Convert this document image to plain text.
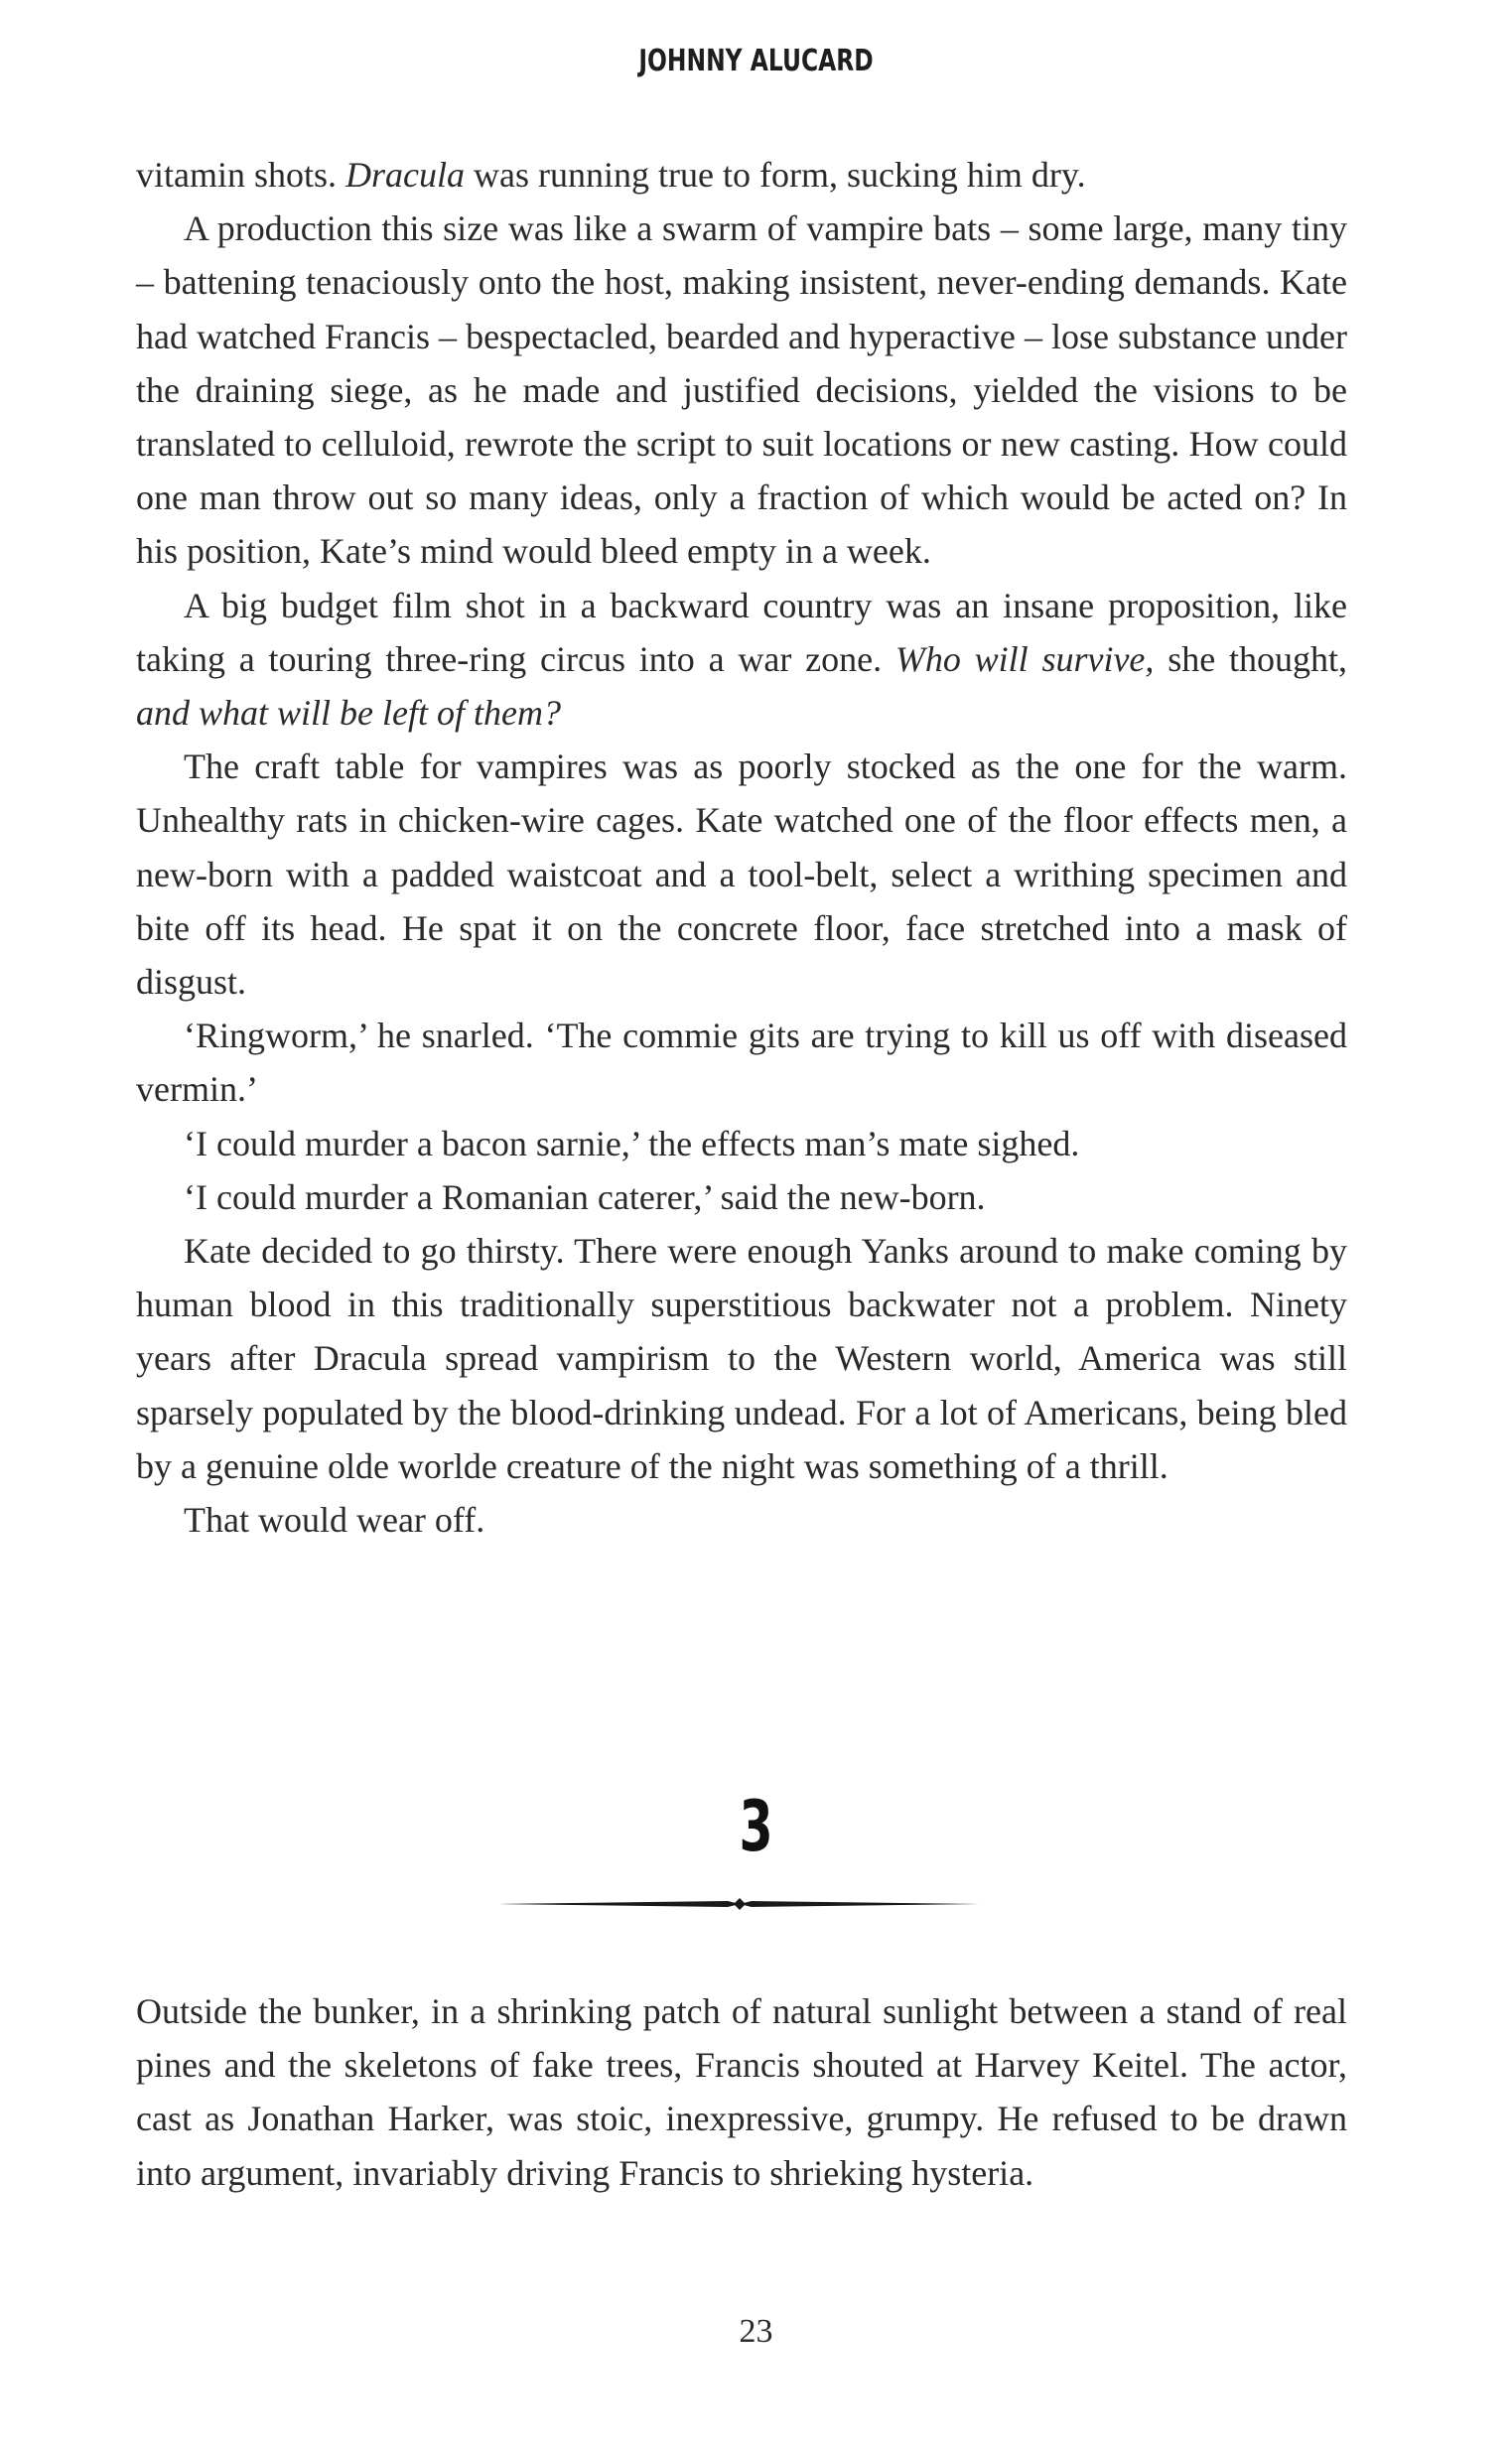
JOHNNY ALUCARD

vitamin shots. Dracula was running true to form, sucking him dry.

A production this size was like a swarm of vampire bats – some large, many tiny – battening tenaciously onto the host, making insistent, never-ending demands. Kate had watched Francis – bespectacled, bearded and hyperactive – lose substance under the draining siege, as he made and justified decisions, yielded the visions to be translated to celluloid, rewrote the script to suit locations or new casting. How could one man throw out so many ideas, only a fraction of which would be acted on? In his position, Kate’s mind would bleed empty in a week.

A big budget film shot in a backward country was an insane proposition, like taking a touring three-ring circus into a war zone. Who will survive, she thought, and what will be left of them?

The craft table for vampires was as poorly stocked as the one for the warm. Unhealthy rats in chicken-wire cages. Kate watched one of the floor effects men, a new-born with a padded waistcoat and a tool-belt, select a writhing specimen and bite off its head. He spat it on the concrete floor, face stretched into a mask of disgust.

‘Ringworm,’ he snarled. ‘The commie gits are trying to kill us off with diseased vermin.’

‘I could murder a bacon sarnie,’ the effects man’s mate sighed.

‘I could murder a Romanian caterer,’ said the new-born.

Kate decided to go thirsty. There were enough Yanks around to make coming by human blood in this traditionally superstitious backwater not a problem. Ninety years after Dracula spread vampirism to the Western world, America was still sparsely populated by the blood-drinking undead. For a lot of Americans, being bled by a genuine olde worlde creature of the night was something of a thrill.

That would wear off.

3

Outside the bunker, in a shrinking patch of natural sunlight between a stand of real pines and the skeletons of fake trees, Francis shouted at Harvey Keitel. The actor, cast as Jonathan Harker, was stoic, inexpressive, grumpy. He refused to be drawn into argument, invariably driving Francis to shrieking hysteria.

23
